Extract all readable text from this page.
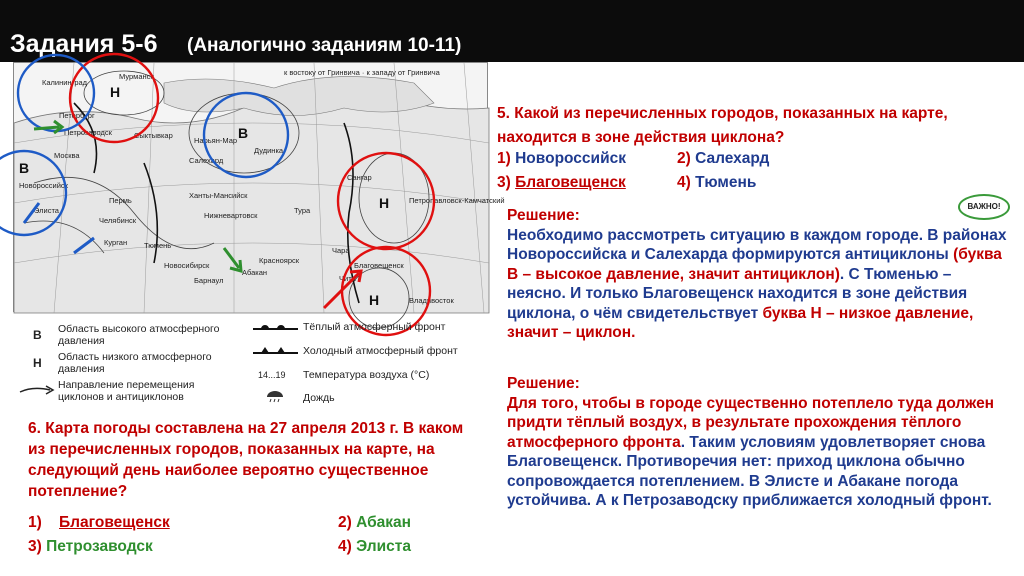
Задания 5-6 (Аналогично заданиям 10-11)
Калининград
Петрозаводск
Мурманск
Новороссийск
Сыктывкар
Нарьян-Мар
Дудинка
Салехард
Ханты-Мансийск
Тура
Сангар
Челябинск
Курган
Новосибирск
Красноярск
Абакан
Барнаул	Чита
Благовещенск
Владивосток
Петропавловск-Камчатский
Тюмень
Нижневартовск
Пермь
Чара
Петербург
Москва
Элиста
к востоку от Гринвича · к западу от Гринвича
Н
В
Н
Н
В
В Область высокого атмосферного давления
Н Область низкого атмосферного давления
Направление перемещения циклонов и антициклонов
Тёплый атмосферный фронт
Холодный атмосферный фронт
14...19 Температура воздуха (°C)
Дождь
5. Какой из перечисленных городов, показанных на карте, находится в зоне действия циклона?
1) Новороссийск	2) Салехард
3) Благовещенск	4) Тюмень
ВАЖНО!
Решение:
Необходимо рассмотреть ситуацию в каждом городе. В районах Новороссийска и Салехарда формируются антициклоны (буква В – высокое давление, значит антициклон). С Тюменью – неясно. И только Благовещенск находится в зоне действия циклона, о чём свидетельствует буква Н – низкое давление, значит – циклон.
Решение:
Для того, чтобы в городе существенно потеплело туда должен придти тёплый воздух, в результате прохождения тёплого атмосферного фронта. Таким условиям удовлетворяет снова Благовещенск. Противоречия нет: приход циклона обычно сопровождается потеплением. В Элисте и Абакане погода устойчива. А к Петрозаводску приближается холодный фронт.
6. Карта погоды составлена на 27 апреля 2013 г. В каком из перечисленных городов, показанных на карте, на следующий день наиболее вероятно существенное потепление?
1) Благовещенск	2) Абакан
3) Петрозаводск	4) Элиста
